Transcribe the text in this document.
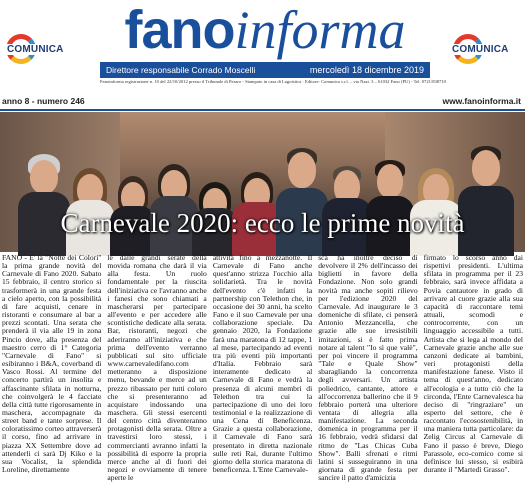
COMUNICA	fanoinforma	COMUNICA
Direttore responsabile Corrado Moscelli	mercoledì 18 dicembre 2019
Fanoinforma registrazione n. 10 del 22/10/2012 presso il Tribunale di Pesaro - Stampato in casa di Lagoistica · Editore: Comunica s.r.l. – via Nazi. 3 – 61032 Fano (PU) - Tel. 0721/838710
anno 8 - numero 246	www.fanoinforma.it
Carnevale 2020: ecco le prime novità
FANO - E' la "Notte dei Colori" la prima grande novità del Carnevale di Fano 2020. Sabato 15 febbraio, il centro storico si trasformerà in una grande festa a cielo aperto, con la possibilità di fare acquisti, cenare in ristoranti e consumare al bar a prezzi scontati. Una serata che prenderà il via alle 19 in zona Pincio dove, alla presenza del maestro cerro di 1° Categoria "Carnevale di Fano" si esibiranno i B&A, coverband di Vasco Rossi. Al termine del concerto partirà un insolita e affascinante sfilata in notturna, che coinvolgerà le 4 facciate della città tutte rigorosamente in maschera, accompagnate da street band e tante sorprese. Il coloratissimo corteo attraverserà il corso, fino ad arrivare in piazza XX Settembre dove ad attenderli ci sarà Dj Kiko e la sua Vocalist, la splendida Loreline, direttamente
le dalle grandi serate della movida romana che darà il via alla festa. Un ruolo fondamentale per la riuscita dell'iniziativa ce l'avranno anche i fanesi che sono chiamati a mascherarsi per partecipare all'evento e per accedere alle scontistiche dedicate alla serata. Bar, ristoranti, negozi che aderiranno all'iniziativa e che prima dell'evento verranno pubblicati sul sito ufficiale www.carnevaledifano.com metteranno a disposizione menu, bevande e merce ad un prezzo ribassato per tutti coloro che si presenteranno ad acquistare indossando una maschera. Gli stessi esercenti del centro città diventeranno protagonisti della serata. Oltre a travestirsi loro stessi, i commercianti avranno infatti la possibilità di esporre la propria merce anche al di fuori dei negozi e ovviamente di tenere aperte le
attività fino a mezzanotte. Il Carnevale di Fano anche quest'anno strizza l'occhio alla solidarietà. Tra le novità dell'evento c'è infatti la partnership con Telethon che, in occasione dei 30 anni, ha scelto Fano e il suo Carnevale per una collaborazione speciale. Da gennaio 2020, la Fondazione farà una maratona di 12 tappe, 1 al mese, partecipando ad eventi tra più eventi più importanti d'Italia. Febbraio sarà interamente dedicato al Carnevale di Fano e vedrà la presenza di alcuni membri di Telethon tra cui la partecipazione di uno dei loro testimonial e la realizzazione di una Cena di Beneficenza. Grazie a questa collaborazione, il Carnevale di Fano sarà presentato in diretta nazionale sulle reti Rai, durante l'ultimo giorno della storica maratona di beneficenza. L'Ente Carnevale-
sca ha inoltre deciso di devolvere il 2% dell'incasso dei biglietti in favore della Fondazione. Non solo grandi novità ma anche sopiti rilievo per l'edizione 2020 del Carnevale. Ad inaugurare le 3 domeniche di sfilate, ci penserà Antonio Mezzancella, che grazie alle sue irresistibili imitazioni, si è fatto prima notare al talent "Io sì que valè", per poi vincere il programma "Tale e Quale Show" sbaragliando la concorrenza degli avversari. Un artista poliedrico, cantante, attore e all'occorrenza ballerino che il 9 febbraio porterà una ulteriore ventata di allegria alla manifestazione. La seconda domenica in programma per il 16 febbraio, vedrà sfidarsi dal ritmo de "Las Chicas Cuba Show". Balli sfrenati e ritmi latini si susseguiranno in una giornata di grande festa per sancire il patto d'amicizia
firmato lo scorso anno dai rispettivi presidenti. L'ultima sfilata in programma per il 23 febbraio, sarà invece affidata a Povia cantautore in grado di arrivare al cuore grazie alla sua capacità di raccontare temi attuali, scomodi e controcorrente, con un linguaggio accessibile a tutti. Artista che si lega al mondo del Carnevale grazie anche alle sue canzoni dedicate ai bambini, veri protagonisti della manifestazione fanese. Visto il tema di quest'anno, dedicato all'ecologia e a tutto ciò che la circonda, l'Ente Carnevalesca ha deciso di "ringraziare" un esperto del settore, che è raccontato l'ecosostenibilità, in una maniera tutta particolare: da Zelig Circus al Carnevale di Fano il passo è breve, Diego Parassole, eco-comico come si definisce lui stesso, si esibirà durante il "Martedì Grasso".
